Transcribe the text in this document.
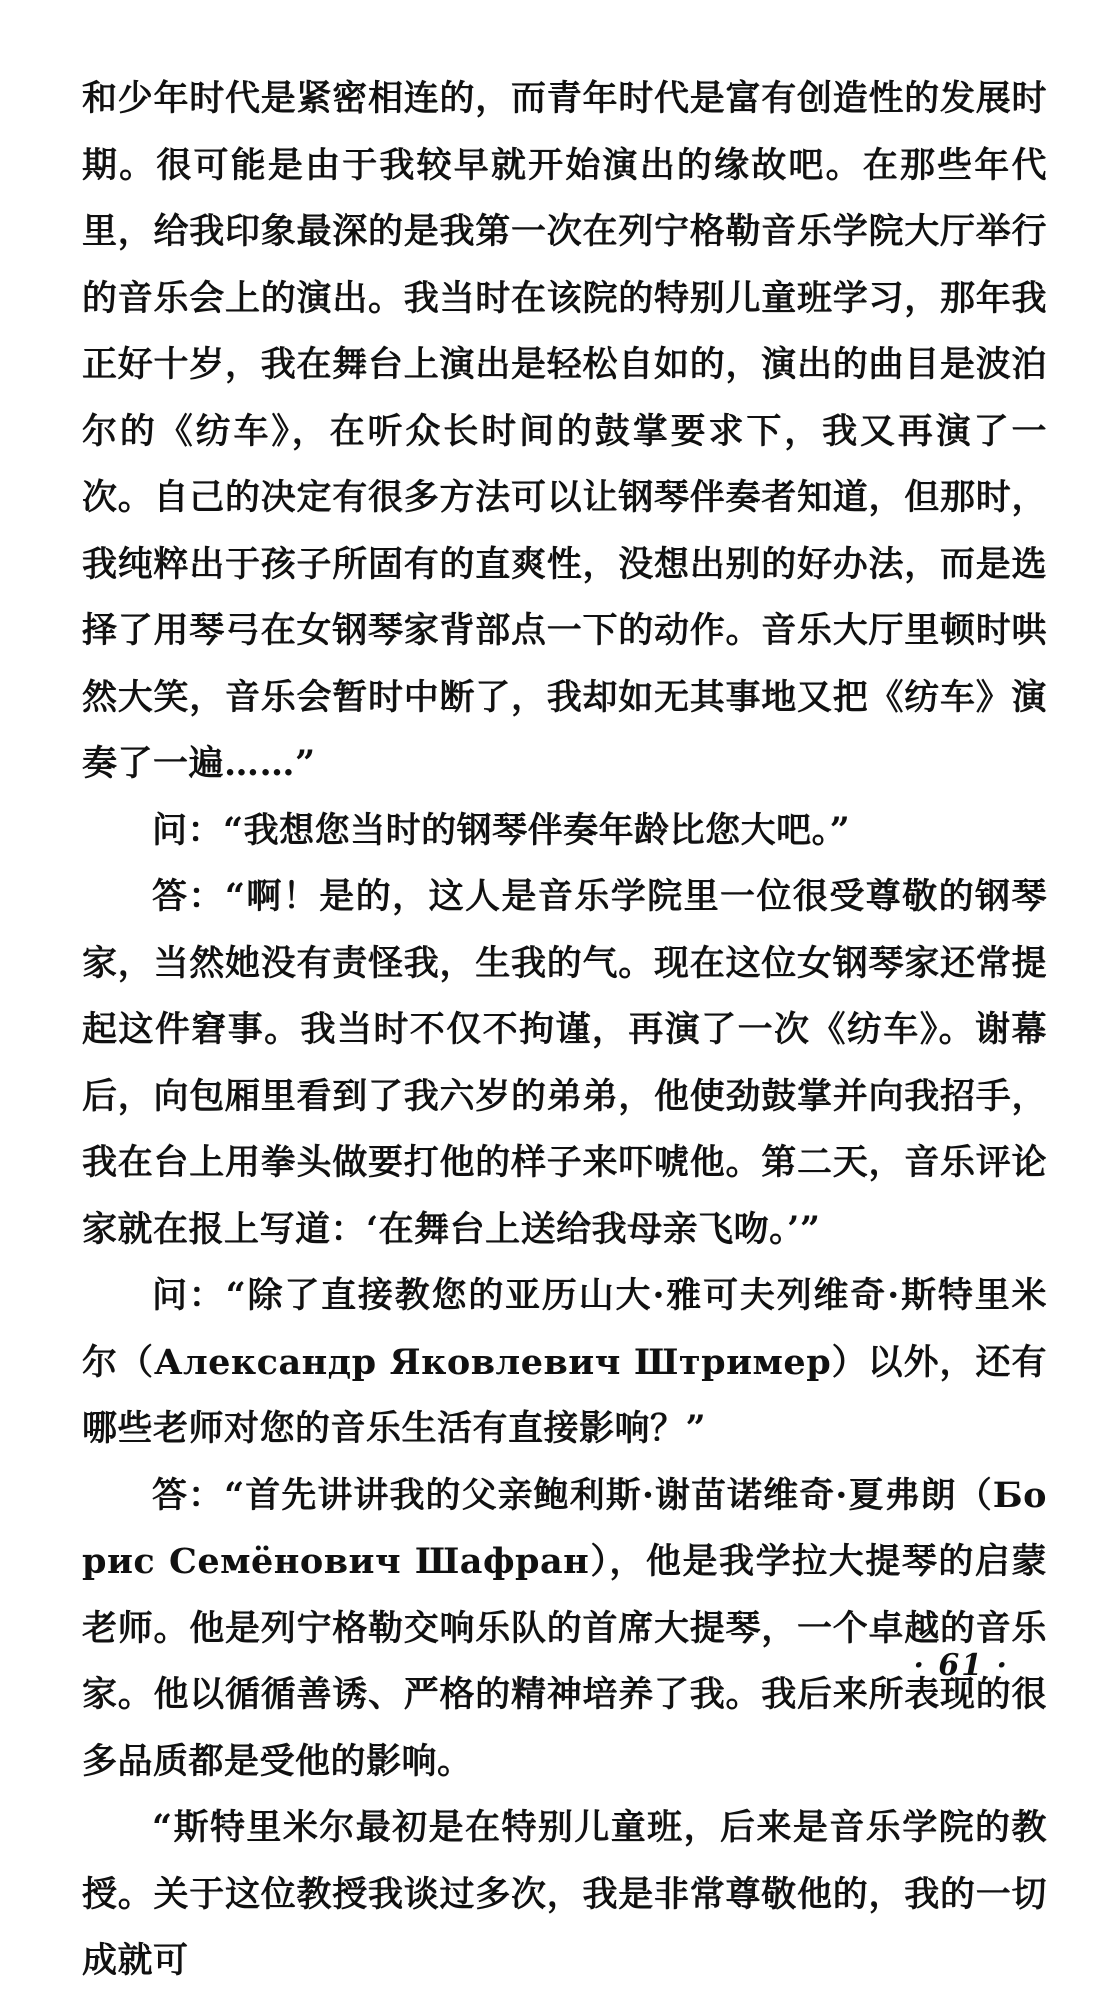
和少年时代是紧密相连的，而青年时代是富有创造性的发展时期。很可能是由于我较早就开始演出的缘故吧。在那些年代里，给我印象最深的是我第一次在列宁格勒音乐学院大厅举行的音乐会上的演出。我当时在该院的特别儿童班学习，那年我正好十岁，我在舞台上演出是轻松自如的，演出的曲目是波泊尔的《纺车》，在听众长时间的鼓掌要求下，我又再演了一次。自己的决定有很多方法可以让钢琴伴奏者知道，但那时，我纯粹出于孩子所固有的直爽性，没想出别的好办法，而是选择了用琴弓在女钢琴家背部点一下的动作。音乐大厅里顿时哄然大笑，音乐会暂时中断了，我却如无其事地又把《纺车》演奏了一遍……”

问：“我想您当时的钢琴伴奏年龄比您大吧。”

答：“啊！是的，这人是音乐学院里一位很受尊敬的钢琴家，当然她没有责怪我，生我的气。现在这位女钢琴家还常提起这件窘事。我当时不仅不拘谨，再演了一次《纺车》。谢幕后，向包厢里看到了我六岁的弟弟，他使劲鼓掌并向我招手，我在台上用拳头做要打他的样子来吓唬他。第二天，音乐评论家就在报上写道：‘在舞台上送给我母亲飞吻。’”

问：“除了直接教您的亚历山大·雅可夫列维奇·斯特里米尔（Александр Яковлевич Штример）以外，还有哪些老师对您的音乐生活有直接影响？”

答：“首先讲讲我的父亲鲍利斯·谢苗诺维奇·夏弗朗（Борис Семёнович Шафран），他是我学拉大提琴的启蒙老师。他是列宁格勒交响乐队的首席大提琴，一个卓越的音乐家。他以循循善诱、严格的精神培养了我。我后来所表现的很多品质都是受他的影响。

“斯特里米尔最初是在特别儿童班，后来是音乐学院的教授。关于这位教授我谈过多次，我是非常尊敬他的，我的一切成就可

· 61 ·
